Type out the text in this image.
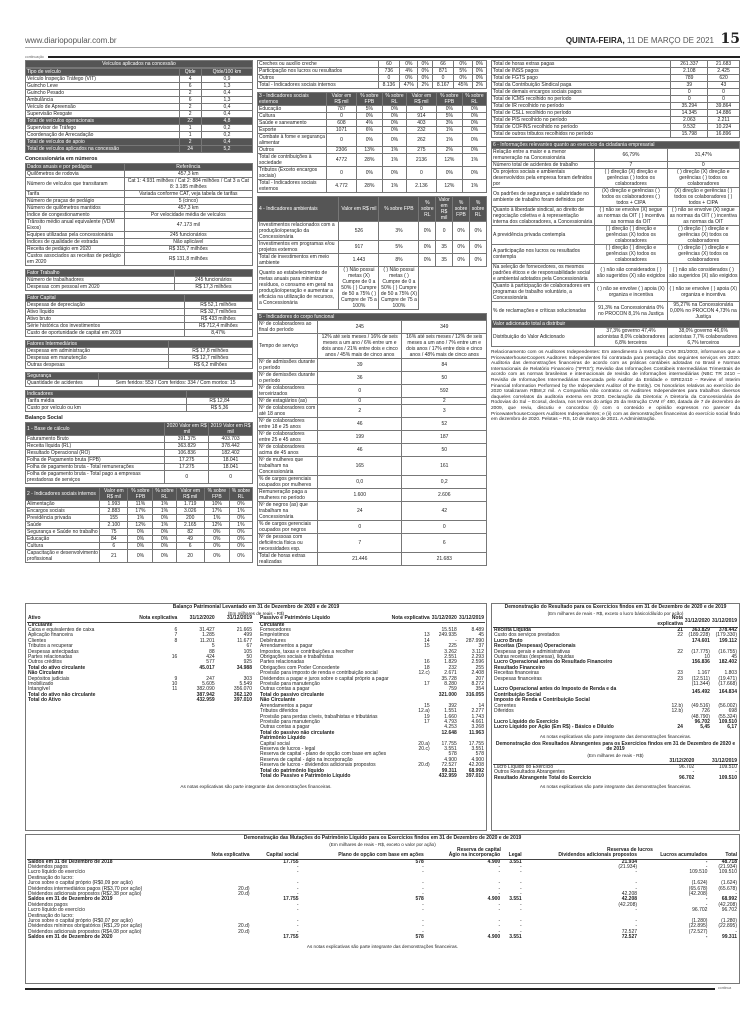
www.diariopopular.com.br	QUINTA-FEIRA, 11 DE MARÇO DE 2021 15
continuação
Veículos aplicados na concessão
Tipo de veículo	Qtde	Qtde/100 km
Veículo Inspeção Tráfego (VIT)	4	0,9
Guincho Leve	6	1,3
Guincho Pesado	2	0,4
Ambulância	6	1,3
Veículo de Apreensão	2	0,4
Supervisão Resgate	2	0,4
Total de veículos operacionais	22	4,8
Supervisor de Tráfego	1	0,2
Coordenação de Arrecadação	1	0,2
Total de veículos de apoio	2	0,4
Total de veículos aplicados na concessão	24	5,2
Concessionária em números
Dados anuais e por pedágios	Referência
Quilômetros de rodovia	457,3 km
Número de veículos que transitaram	Cat 1: 4.931 milhões / Cat 2: 884 milhões / Cat 3 a Cat 8: 3.185 milhões
Tarifa	Variada conforme CAT, veja tabela de tarifas
Número de praças de pedágio	5 (cinco)
Número de quilômetros mantidos	457,3 km
Índice de congestionamento	Por velocidade média de veículos
Trânsito médio anual equivalente (VDM Eixos)	47.173 mil
Equipes utilizadas pela concessionária	245 funcionários
Índices de qualidade de estrada	Não aplicável
Receita de pedágio em 2020	R$ 315,7 milhões
Custos associados as receitas de pedágio em 2020	R$ 131,8 milhões
Fator Trabalho	
Número de trabalhadores	245 funcionários
Despesas com pessoal em 2020	R$ 17,3 milhões
Fator Capital	
Despesas de depreciação	R$ 52,1 milhões
Ativo líquido	R$ 32,7 milhões
Ativo bruto	R$ 433 milhões
Série histórica dos investimentos	R$ 712,4 milhões
Custo de oportunidade de capital em 2019	8,47%
Fatores Intermediários	
Despesas em administração	R$ 17,8 milhões
Despesas em manutenção	R$ 12,7 milhões
Outras despesas	R$ 6,2 milhões
Segurança	
Quantidade de acidentes	Sem feridos: 553 / Com feridos: 334 / Com mortos: 15
Indicadores	
Tarifa média	R$ 12,84
Custo por veículo ou km	R$ 5,36
Balanço Social
1 - Base de cálculo	2020 Valor em R$ mil	2019 Valor em R$ mil
Faturamento Bruto	391.375	403.703
Receita líquida (RL)	363.829	378.442
Resultado Operacional (RO)	106.836	182.402
Folha de Pagamento bruta (FPB)	17.275	18.041
Folha de pagamento bruta - Total remunerações	17.275	18.041
Folha de pagamento bruta - Total pago a empresas prestadoras de serviços	0	0
2 - Indicadores sociais internos	Valor em R$ mil	% sobre FPB	% sobre RL	Valor em R$ mil	% sobre FPB	% sobre RL
Alimentação	1.993	11%	1%	1.719	10%	0%
Encargos sociais	2.883	17%	1%	3.026	17%	1%
Previdência privada	155	1%	0%	200	1%	0%
Saúde	2.100	12%	1%	2.165	12%	1%
Segurança e Saúde no trabalho	75	0%	0%	82	0%	0%
Educação	84	0%	0%	49	0%	0%
Cultura	6	0%	0%	6	0%	0%
Capacitação e desenvolvimento profissional	21	0%	0%	20	0%	0%
Creches ou auxílio creche	60	0%	0%	66	0%	0%
Participação nos lucros ou resultados	736	4%	0%	871	5%	0%
Outros	0	0%	0%	0	0%	0%
Total - Indicadores sociais internos	8.136	47%	2%	8.167	45%	2%
3 - Indicadores sociais externos	Valor em R$ mil	% sobre FPB	% sobre RL	Valor em R$ mil	% sobre FPB	% sobre RL
Educação	787	5%	0%	0	0%	0%
Cultura	0	0%	0%	914	5%	0%
Saúde e saneamento	608	4%	0%	403	3%	0%
Esporte	1071	6%	0%	232	1%	0%
Combate à fome e segurança alimentar	0	0%	0%	262	1%	0%
Outros	2306	13%	1%	275	2%	0%
Total de contribuições à sociedade	4772	28%	1%	2136	12%	1%
Tributos (Exceto encargos sociais)	0	0%	0%	0	0%	0%
Total - Indicadores sociais externos	4.772	28%	1%	2.136	12%	1%
4 - Indicadores ambientais	Valor em R$ mil	% sobre FPB	% sobre RL	Valor em R$ mil	% sobre FPB	% sobre RL
Investimentos relacionados com a produção/operação da Concessionária	526	3%	0%	0	0%	0%
Investimentos em programas e/ou projetos externos	917	5%	0%	35	0%	0%
Total de investimentos em meio ambiente	1.443	8%	0%	35	0%	0%
Quanto ao estabelecimento de metas anuais para minimizar resíduos, o consumo em geral na produção/operação e aumentar a eficácia na utilização de recursos, a Concessionária	( ) Não possui metas (X) Cumpre de 0 a 50% ( ) Cumpre de 50 a 75% ( ) Cumpre de 75 a 100%	( ) Não possui metas ( ) Cumpre de 0 a 50% ( ) Cumpre de 50 a 75% (X) Cumpre de 75 a 100%				
5 - Indicadores do corpo funcional		
Nº de colaboradores ao final do período	245	349
Tempo de serviço	12% até seis meses / 16% de seis meses a um ano / 6% entre um e dois anos / 21% entre dois e cinco anos / 45% mais de cinco anos	16% até seis meses / 12% de seis meses a um ano / 7% entre um e dois anos / 17% entre dois e cinco anos / 48% mais de cinco anos
Nº de admissões durante o período	39	84
Nº de demissões durante o período	36	50
Nº de colaboradores terceirizados	0	592
Nº de estagiários (as)	0	2
Nº de colaboradores com até 18 anos	2	3
Nº de colaboradores entre 18 e 25 anos	46	52
Nº de colaboradores entre 25 e 45 anos	199	187
Nº de colaboradores acima de 45 anos	46	50
Nº de mulheres que trabalham na Concessionária	165	161
% de cargos gerenciais ocupados por mulheres	0,0	0,2
Remuneração paga a mulheres no período	1.600	2.606
Nº de negros (as) que trabalham na Concessionária	24	42
% de cargos gerenciais ocupados por negros	0	0
Nº de pessoas com deficiência física ou necessidades esp.	7	6
Total de horas extras realizadas	21.446	21.683
Total de horas extras pagas	261.337	21.683
Total de INSS pagos	2.108	2.425
Total de FGTS pago	789	620
Total da Contribuição Sindical paga	39	43
Total de demais encargos sociais pagos	0	0
Total de ICMS recolhido no período	0	0
Total de IR recolhido no período	35.294	39.864
Total de CSLL recolhido no período	14.345	14.886
Total de PIS recolhido no período	2.063	2.211
Total de COFINS recolhido no período	9.532	10.224
Total de outros tributos recolhidos no período	15.798	16.896
6 - Informações relevantes quanto ao exercício da cidadania empresarial		
Relação entre a maior e a menor remuneração na Concessionária	66,79%	31,47%
Número total de acidentes de trabalho	7	0
Os projetos sociais e ambientais desenvolvidos pela empresa foram definidos por	( ) direção (X) direção e gerências ( ) todos os colaboradores	( ) direção (X) direção e gerências ( ) todos os colaboradores
Os padrões de segurança e salubridade no ambiente de trabalho foram definidos por	(X) direção e gerências ( ) todos os colaboradores ( ) todos + CIPA	(X) direção e gerências ( ) todos os colaboradores ( ) todos + CIPA
Quanto à liberdade sindical, ao direito de negociação coletiva e à representação interna dos colaboradores, a Concessionária	( ) não se envolve (X) segue as normas da OIT ( ) incentiva as normas da OIT	( ) não se envolve (X) segue as normas da OIT ( ) incentiva as normas da OIT
A previdência privada contempla	( ) direção ( ) direção e gerências (X) todos os colaboradores	( ) direção ( ) direção e gerências (X) todos os colaboradores
A participação nos lucros ou resultados contempla	( ) direção ( ) direção e gerências (X) todos os colaboradores	( ) direção ( ) direção e gerências (X) todos os colaboradores
Na seleção de fornecedores, os mesmos padrões éticos e de responsabilidade social e ambiental adotados pela Concessionária	( ) não são considerados ( ) são sugeridos (X) são exigidos	( ) não são considerados ( ) são sugeridos (X) são exigidos
Quanto à participação de colaboradores em programas de trabalho voluntário, a Concessionária	( ) não se envolve ( ) apoia (X) organiza e incentiva	( ) não se envolve ( ) apoia (X) organiza e incentiva
% de reclamações e críticas solucionadas	91,3% na Concessionária 0% no PROCON 8,1% na Justiça	95,27% na Concessionária 0,00% no PROCON 4,73% na Justiça
Valor adicionado total a distribuir		
Distribuição do Valor Adicionado	37,3% governo 47,4% acionistas 8,0% colaboradores 6,8% terceiros	38,0% governo 46,6% acionistas 7,7% colaboradores 6,7% terceiros
Relacionamento com os Auditores Independentes: Em atendimento à Instrução CVM 381/2003, informamos que a PricewaterhouseCoopers Auditores Independentes foi contratada para prestação dos seguintes serviços em 2020: Auditoria das demonstrações financeiras de acordo com as práticas contábeis adotadas no Brasil e Normas Internacionais de Relatório Financeiro ("IFRS"); Revisão das Informações Contábeis Intermediárias Trimestrais de acordo com as normas brasileiras e internacionais de revisão de informações intermediárias (NBC TR 2410 – Revisão de Informações Intermediárias Executada pelo Auditor da Entidade e ISRE2410 – Review of Interim Financial Information Performed by the Independent Auditor of the Entity). Os honorários relativos ao exercício de 2020 totalizaram R$58,2 mil. A Companhia não contratou os Auditores Independentes para trabalhos diversos daqueles correlatos da auditoria externa em 2020. Declaração da Diretoria: A Diretoria da Concessionária de Rodovias do Sul – Ecosul, declara, nos termos do artigo 25 da Instrução CVM nº 480, datada de 7 de dezembro de 2009, que reviu, discutiu e concordou (i) com o conteúdo e opinião expressos no parecer da PricewaterhouseCoopers Auditores Independentes; e (ii) com as demonstrações financeiras do exercício social findo em dezembro de 2020. Pelotas – RS, 10 de março de 2021. A Administração.
Balanço Patrimonial Levantado em 31 de Dezembro de 2020 e de 2019
(Em milhares de reais - R$)
Ativo	Nota explicativa	31/12/2020	31/12/2019
Circulante			
Caixa e equivalentes de caixa	6	31.427	21.665
Aplicação financeira	7	1.285	499
Clientes	8	11.201	11.677
Tributos a recuperar		5	67
Despesas antecipadas		88	105
Partes relacionadas	16	424	50
Outros créditos		577	925
Total do ativo circulante		45.017	34.988
Não Circulante			
Depósitos judiciais	9	247	303
Imobilizado	10	5.605	5.549
Intangível	11	382.090	356.070
Total do ativo não circulante		387.942	362.120
Total do Ativo		432.959	397.010
Passivo e Patrimônio Líquido	Nota explicativa	31/12/2020	31/12/2019
Circulante			
Fornecedores		15.518	8.489
Empréstimos	13	249.935	45
Debêntures	14	-	287.990
Arrendamentos a pagar	15	225	37
Impostos, taxas e contribuições a recolher		3.262	3.112
Obrigações sociais e trabalhistas		2.551	2.293
Partes relacionadas	16	1.829	2.596
Obrigações com Poder Concedente	18	232	255
Provisão para imposto de renda e contribuição social	12.c)	2.671	2.408
Dividendos a pagar e juros sobre o capital próprio a pagar		35.728	207
Provisão para manutenção	17	8.280	8.272
Outras contas a pagar		759	354
Total do passivo circulante		321.000	316.055
Não Circulante			
Arrendamentos a pagar	15	392	14
Tributos diferidos	12.a)	1.551	2.277
Provisão para perdas cíveis, trabalhistas e tributárias	19	1.660	1.743
Provisão para manutenção	17	4.793	4.661
Outras contas a pagar		4.253	3.268
Total do passivo não circulante		12.648	11.963
Patrimônio Líquido			
Capital social	20.a)	17.755	17.755
Reserva de lucros - legal	20.c)	3.551	3.551
Reserva de capital - plano de opção com base em ações		578	578
Reserva de capital - ágio na incorporação		4.900	4.900
Reserva de lucros - dividendos adicionais propostos	20.d)	72.527	42.208
Total do patrimônio líquido		99.311	68.992
Total do Passivo e Patrimônio Líquido		432.959	397.010
As notas explicativas são parte integrante das demonstrações financeiras.
Demonstração do Resultado para os Exercícios findos em 31 de Dezembro de 2020 e de 2019
(Em milhares de reais - R$, exceto o lucro básico/diluído por ação)
	Nota explicativa	31/12/2020	31/12/2019
Receita Líquida	21	363.829	378.442
Custo dos serviços prestados	22	(189.228)	(179.330)
Lucro Bruto		174.601	199.112
Receitas (Despesas) Operacionais			
Despesas gerais e administrativas	22	(17.775)	(16.755)
Outras receitas (despesas), líquidas		10	45
Lucro Operacional antes do Resultado Financeiro		156.836	182.402
Resultado Financeiro			
Receitas financeiras	23	1.167	1.803
Despesas financeiras	23	(12.511)	(19.471)
		(11.344)	(17.668)
Lucro Operacional antes do Imposto de Renda e da Contribuição Social		145.492	164.834
Imposto de Renda e Contribuição Social			
Correntes	12.b)	(49.516)	(56.002)
Diferidos	12.b)	726	698
		(48.790)	(55.324)
Lucro Líquido do Exercício		96.702	109.510
Lucro Líquido por Ação (Em R$) - Básico e Diluído	24	5,45	6,17
As notas explicativas são parte integrante das demonstrações financeiras.
Demonstração dos Resultados Abrangentes para os Exercícios findos em 31 de Dezembro de 2020 e de 2019
(Em milhares de reais - R$)
		31/12/2020	31/12/2019
Lucro Líquido do Exercício		96.702	109.510
Outros Resultados Abrangentes		-	-
Resultado Abrangente Total do Exercício		96.702	109.510
As notas explicativas são parte integrante das demonstrações financeiras.
Demonstração das Mutações do Patrimônio Líquido para os Exercícios findos em 31 de Dezembro de 2020 e de 2019
(Em milhares de reais - R$, exceto o valor por ação)
Reserva de capital	Reservas de lucros
	Nota explicativa	Capital social	Plano de opção com base em ações	Ágio na incorporação	Legal	Dividendos adicionais propostos	Lucros acumulados	Total
Saldos em 31 de Dezembro de 2018		17.755	578	4.900	3.551	21.934	-	48.718
Dividendos pagos		-	-	-	-	(21.934)	-	(21.934)
Lucro líquido do exercício		-	-	-	-	-	109.510	109.510
Destinação do lucro:								
Juros sobre o capital próprio (R$0,09 por ação)		-	-	-	-	-	(1.624)	(1.624)
Dividendos intermediários pagos (R$3,70 por ação)	20.d)	-	-	-	-	-	(65.678)	(65.678)
Dividendos adicionais propostos (R$2,38 por ação)	20.d)	-	-	-	-	42.208	(42.208)	-
Saldos em 31 de Dezembro de 2019		17.755	578	4.900	3.551	42.208	-	68.992
Dividendos pagos		-	-	-	-	(42.208)	-	(42.208)
Lucro líquido do exercício		-	-	-	-	-	96.702	96.702
Destinação do lucro:								
Juros sobre o capital próprio (R$0,07 por ação)		-	-	-	-	-	(1.280)	(1.280)
Dividendos mínimos obrigatórios (R$1,29 por ação)	20.d)	-	-	-	-	-	(22.895)	(22.895)
Dividendos adicionais propostos (R$4,08 por ação)	20.d)	-	-	-	-	72.527	(72.527)	-
Saldos em 31 de Dezembro de 2020		17.755	578	4.900	3.551	72.527	-	99.311
As notas explicativas são parte integrante das demonstrações financeiras.
continua
